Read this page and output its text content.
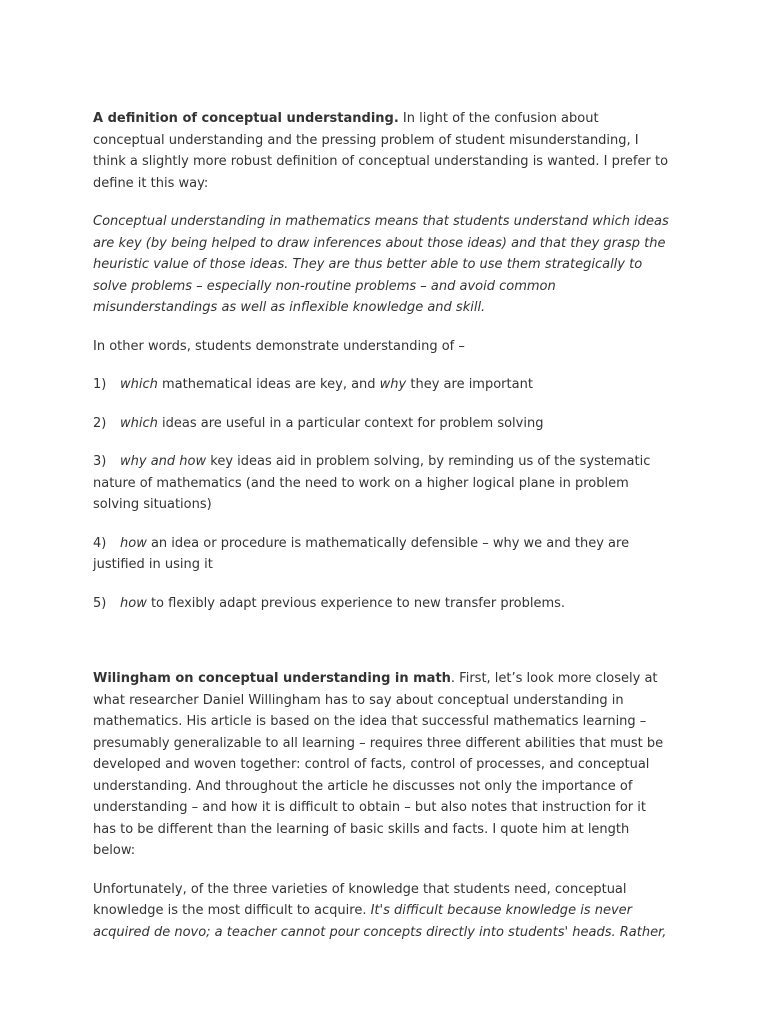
A definition of conceptual understanding. In light of the confusion about conceptual understanding and the pressing problem of student misunderstanding, I think a slightly more robust definition of conceptual understanding is wanted. I prefer to define it this way:

Conceptual understanding in mathematics means that students understand which ideas are key (by being helped to draw inferences about those ideas) and that they grasp the heuristic value of those ideas. They are thus better able to use them strategically to solve problems – especially non-routine problems – and avoid common misunderstandings as well as inflexible knowledge and skill.

In other words, students demonstrate understanding of –

1) which mathematical ideas are key, and why they are important

2) which ideas are useful in a particular context for problem solving

3) why and how key ideas aid in problem solving, by reminding us of the systematic nature of mathematics (and the need to work on a higher logical plane in problem solving situations)

4) how an idea or procedure is mathematically defensible – why we and they are justified in using it

5) how to flexibly adapt previous experience to new transfer problems.

Wilingham on conceptual understanding in math. First, let’s look more closely at what researcher Daniel Willingham has to say about conceptual understanding in mathematics. His article is based on the idea that successful mathematics learning – presumably generalizable to all learning – requires three different abilities that must be developed and woven together: control of facts, control of processes, and conceptual understanding. And throughout the article he discusses not only the importance of understanding – and how it is difficult to obtain – but also notes that instruction for it has to be different than the learning of basic skills and facts. I quote him at length below:

Unfortunately, of the three varieties of knowledge that students need, conceptual knowledge is the most difficult to acquire. It's difficult because knowledge is never acquired de novo; a teacher cannot pour concepts directly into students' heads. Rather,
